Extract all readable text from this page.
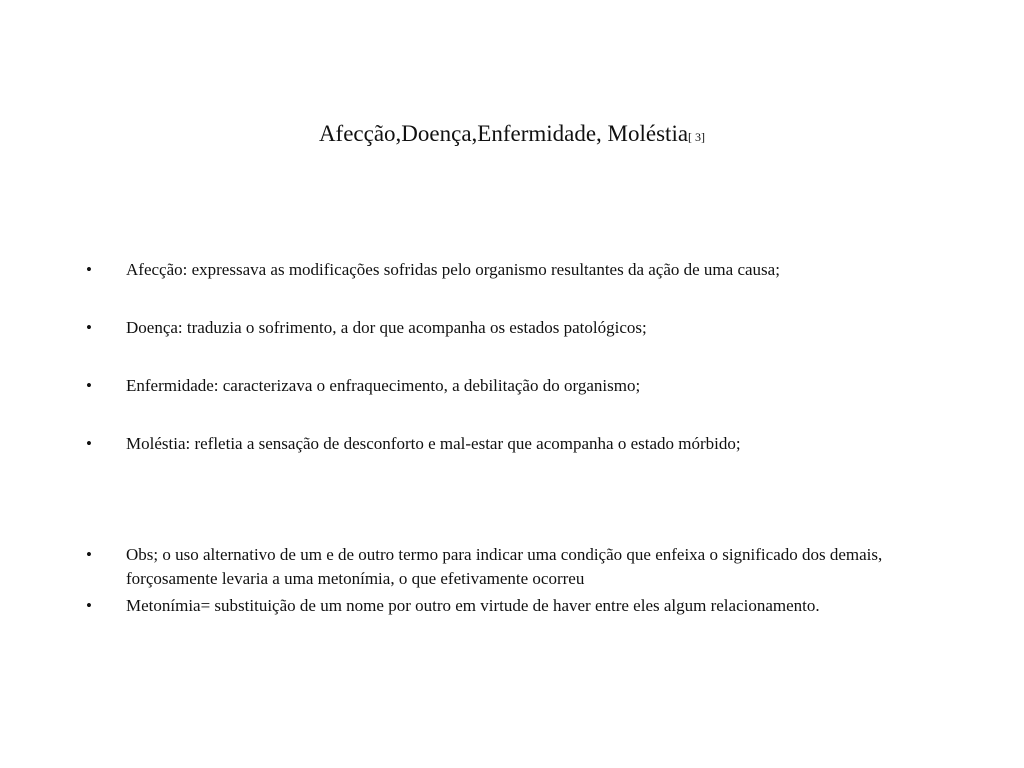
Afecção,Doença,Enfermidade, Moléstia[ 3]
•	Afecção: expressava as modificações sofridas pelo organismo resultantes da ação de uma causa;
•	Doença: traduzia o sofrimento, a dor que acompanha os estados patológicos;
•	Enfermidade: caracterizava o enfraquecimento, a debilitação do organismo;
•	Moléstia: refletia a sensação de desconforto e mal-estar que acompanha o estado mórbido;
•	Obs; o uso alternativo de um e de outro termo para indicar uma condição que enfeixa o significado dos demais, forçosamente levaria a uma metonímia, o que efetivamente ocorreu
•	Metonímia= substituição de um nome por outro em virtude de haver entre eles algum relacionamento.
